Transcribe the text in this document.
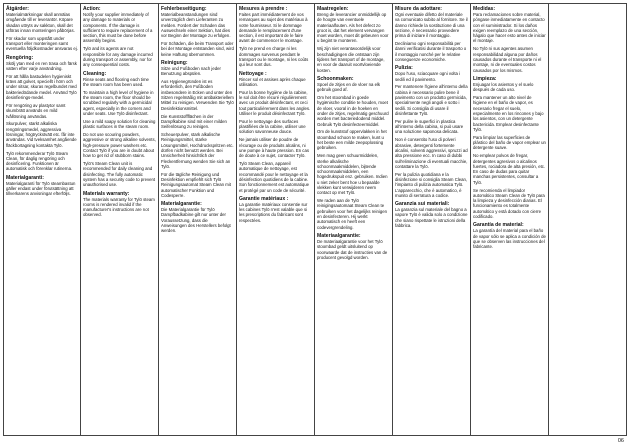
Åtgärder:
Materialmärkningar skall anmälas omgående till er leverantör. Köpare skadan uttryts av sakkton, skall det utföras innan monteringen påbörjas.
För skador som uppstått under transport eller monteringen samt eventuella följdkostnader ansvaras ej.
Rengöring:
Skölj ytan med en ren trasa och färsk vatten efter varje användning.
För att hålla bastudelen hygieniskt krävs att golvet, speciellt i hörn och under sitsar, skuras regelbundet med bakteriedödande medel. Använd Tylö desinfierings-medel.
För rengöring av plastytor samt skumbrätt används en mild tvållösning användas.
Skurpulver, starkt alkaliska rengöringsmedel, aggressiva lösningar, högtryckstvätt etc. får inte användas. Vid tveksamhet angående fläckbortagning kontakta Tylö.
Tylö rekommenderar Tylö Steam Clean, för daglig rengöring och desinficering. Funktionen är automatisk och förenklar rutinerna.
Materialgaranti:
Materialgaranti för Tylö steambastun gäller endast under förutsättning att tillverkarens anvisningar efterföljs.
Action:
Notify your supplier immediately of any damage to materials or components. If the damage is sufficient to require replacement of a section, this must be done before assembly begins.
Tylö and its agents are not responsible for any damage incurred during transport or assembly, nor for any consequential costs.
Cleaning:
Rinse seats and flooring each time the steam room has been used.
To maintain a high level of hygiene in the steam room, the floor should be scrubbed regularly with a germicidal agent, especially in the corners and under seats. Use Tylö disinfectant.
Use a mild soapy solution for cleaning plastic surfaces in the steam room.
Do not use scouring powders, aggressive or strong alkaline solvents, high-pressure power washers etc. Contact Tylö if you are in doubt about how to get rid of stubborn stains.
Tylö's Steam Clean unit is recommended for daily cleaning and disinfecting. The fully automatic system has a security code to prevent unauthorised use.
Materials warranty:
The materials warranty for Tylö steam rooms is rendered invalid if the manufacturer's instructions are not observed.
Fehlerbeseitigung:
Materialbeanstandungen sind unverzüglich dem Lieferanten zu melden. Fordert der Schaden das Auswechseln einer Sektion, hat dies vor Beginn der Montage zu erfolgen.
Für Schäden, die beim Transport oder bei der Montage entstanden sind, wird keine Haftung übernommen.
Reinigung:
Sitze und Fußboden nach jeder Benutzung abspülen.
Aus Hygienegründen ist es erforderlich, den Fußboden insbesondere in Ecken und unter den Sitzen regelmäßig mit antibakteriellem Mittel zu reinigen. Verwenden Sie Tylö Desinfektionsmittel.
Die Kunststoffflächen in der Dampfkabine sind mit einer milden Seifenlösung zu reinigen.
Scheuerpulver, stark alkalische Reinigungsmittel, starke Lösungsmittel, Hochdruckspritzen etc. dürfen nicht benutzt werden. Bei Unsicherheit hinsichtlich der Fleckentfernung wenden Sie sich an Tylö.
Für die tägliche Reinigung und Desinfektion empfiehlt sich Tylö Reinigungsautomat Steam Clean mit automatischer Funktion und Codesperre.
Materialgarantie:
Die Materialgarantie für Tylö Dampfbadkabine gilt nur unter der Voraussetzung, dass die Anweisungen des Herstellers befolgt werden.
Mesures à prendre :
Faites part immédiatement de vos remarques au sujet des matériaux à votre fournisseur. Si le dommage demande le remplacement d'une section, il est important de le faire avant de commencer le montage.
Tylö ne prend en charge ni les dommages survenus pendant le transport ou le montage, ni les coûts qui leur sont dus.
Nettoyage :
Rincer sol et assises après chaque utilisation.
Pour la bonne hygiène de la cabine, le sol doit être récuré régulièrement avec un produit désinfectant, et ceci tout particulièrement dans les angles. Utiliser le produit désinfectant Tylö.
Pour le nettoyage des surfaces plastifiées de la cabine, utiliser une solution savonneuse douce.
Ne jamais utiliser de poudre de récurage ou de produits alcalins, ni une pompe à haute pression. En cas de doute à ce sujet, contacter Tylö.
Tylö Steam Clean, appareil automatique de nettoyage, est recommandé pour le nettoyage et la désinfection quotidiens de la cabine. Son fonctionnement est automatique et protégé par un code de sécurité.
Garantie matériaux :
La garantie matériaux consentie sur les cabines Tylö n'est valable que si les prescriptions du fabricant sont respectées.
Maatregelen:
Breng de leverancier onmiddellijk op de hoogte van eventuele materiaalfouten. Als het defect zo groot is, dat het element vervangen moet worden, moet dit gebeuren voor u begint te monteren.
Wij zijn niet verantwoordelijk voor beschadigingen die ontstaan zijn tijdens het transport of de montage, en voor de daaruit voortvloeiende kosten.
Schoonmaken:
Spoel de zitjes en de vloer na elk gebruik goed af.
Om het stoombad in goede hygiënische conditie te houden, moet de vloer, vooral in de hoeken en onder de zitjes, regelmatig geschuurd worden met bacteriedodend middel. Gebruik Tylö desinfecteermiddel.
Om de kunststof oppervlakken in het stoombad schoon te maken, kunt u het beste een milde zeepoplossing gebruiken.
Men mag geen schuurmiddelen, sterke alkalische schoonmaakmiddelen, bijtende schoonmaakmiddelen, een hogedrukspuit enz. gebruiken. Indien u niet zeker bent hoe u bepaalde vlekken kunt verwijderen neem contact op met Tylö.
We raden aan de Tylö reinigingsautomaat Steam Clean te gebruiken voor het dagelijks reinigen en desinfecteren. Hij werkt automatisch en heeft een codevergrendeling.
Materiaalgarantie:
De materiaalgarantie voor het Tylö stoombad geldt uitsluitend op voorwaarde dat de instructies van de producent gevolgd worden.
Misure da adottare:
Ogni eventuale difetto del materiale va comunicato subito al fornitore. Se il danno richiede la sostituzione di una sezione, è necessario provvedere prima di iniziare il montaggio.
Decliniamo ogni responsabilità per danni verificatisi durante il trasporto o il montaggio nonché per le relative conseguenze economiche.
Pulizia:
Dopo l'uso, sciacquare ogni volta i sedili ed il pavimento.
Per mantenere l'igiene all'interno della cabina è necessario pulire bene il pavimento con un prodotto germicida, specialmente negli angoli e sotto i sedili. Si consiglia di usare il disinfettante Tylö.
Per pulire le superfici in plastica all'interno della cabina, si può usare una soluzione saponosa delicata.
Non è consentito l'uso di polveri abrasive, detergenti fortemente alcalini, solventi aggressivi, spruzzi ad alta pressione ecc. In caso di dubbi sull'eliminazione di eventuali macchie, contattare la Tylö.
Per la pulizia quotidiana e la disinfezione si consiglia Steam Clean, l'impianto di pulizia automatica Tylö. L'apparecchio, che è automatico, è munito di serratura a codice.
Garanzia sui materiali:
La garanzia sul materiale del bagno a vapore Tylö è valida solo a condizione che siano rispettate le istruzioni della fabbrica.
Medidas:
Para reclamaciones sobre material, póngase inmediatamente en contacto con el suministrador. Si los daños exigen reemplazo de una sección, hágalo que hacer esto antes de iniciar el montaje.
No Tylö ni sus agentes asumen responsabilidad alguna por daños causados durante el transporte ni el montaje, ni de eventuales costos causados por los mismos.
Limpieza:
Enjuagar los asientos y el suelo después de cada uso.
Para mantener un alto nivel de higiene en el baño de vapor, es necesario fregar el suelo, especialmente en los rincones y bajo los asientos, con un detergente bactericida. Emplear desinfectante Tylö.
Para limpiar las superficies de plástico del baño de vapor emplear un detergente suave.
No emplear polvos de fregar, detergentes agresivos o alcalinos fuertes, rociadora de alta presión, etc. En caso de dudas para quitar manchas persistentes, consultar a Tylö.
Se recomienda el limpiador automático Steam Clean de Tylö para la limpieza y desinfección diarias. El funcionamiento es totalmente automático y está dotado con cierre codificado.
Garantía de material:
La garantía del material para el baño de vapor sólo se aplica a condición de que se observen las instrucciones del fabricante.
06
